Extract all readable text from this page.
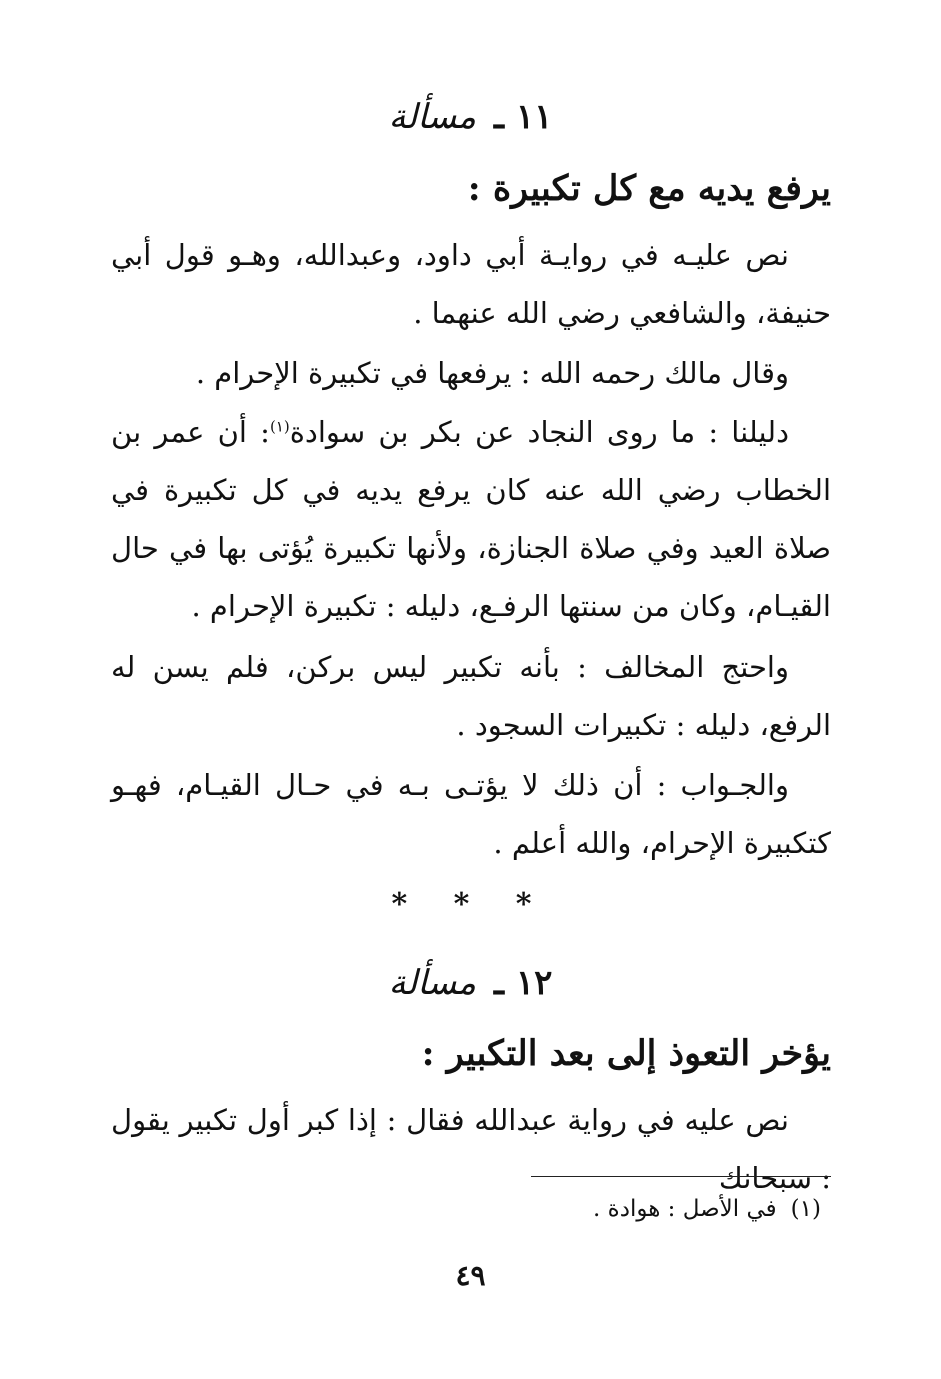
١١ ـ مسألة
يرفع يديه مع كل تكبيرة :
نص عليـه في روايـة أبي داود، وعبدالله، وهـو قول أبي حنيفة، والشافعي رضي الله عنهما .
وقال مالك رحمه الله : يرفعها في تكبيرة الإحرام .
دليلنا : ما روى النجاد عن بكر بن سوادة$^{(١)}$: أن عمر بن الخطاب رضي الله عنه كان يرفع يديه في كل تكبيرة في صلاة العيد وفي صلاة الجنازة، ولأنها تكبيرة يُؤتى بها في حال القيـام، وكان من سنتها الرفـع، دليله : تكبيرة الإحرام .
واحتج المخالف : بأنه تكبير ليس بركن، فلم يسن له الرفع، دليله : تكبيرات السجود .
والجـواب : أن ذلك لا يؤتـى بـه في حـال القيـام، فهـو كتكبيرة الإحرام، والله أعلم .
* * *
١٢ ـ مسألة
يؤخر التعوذ إلى بعد التكبير :
نص عليه في رواية عبدالله فقال : إذا كبر أول تكبير يقول : سبحانك
(١)في الأصل : هوادة .
٤٩
